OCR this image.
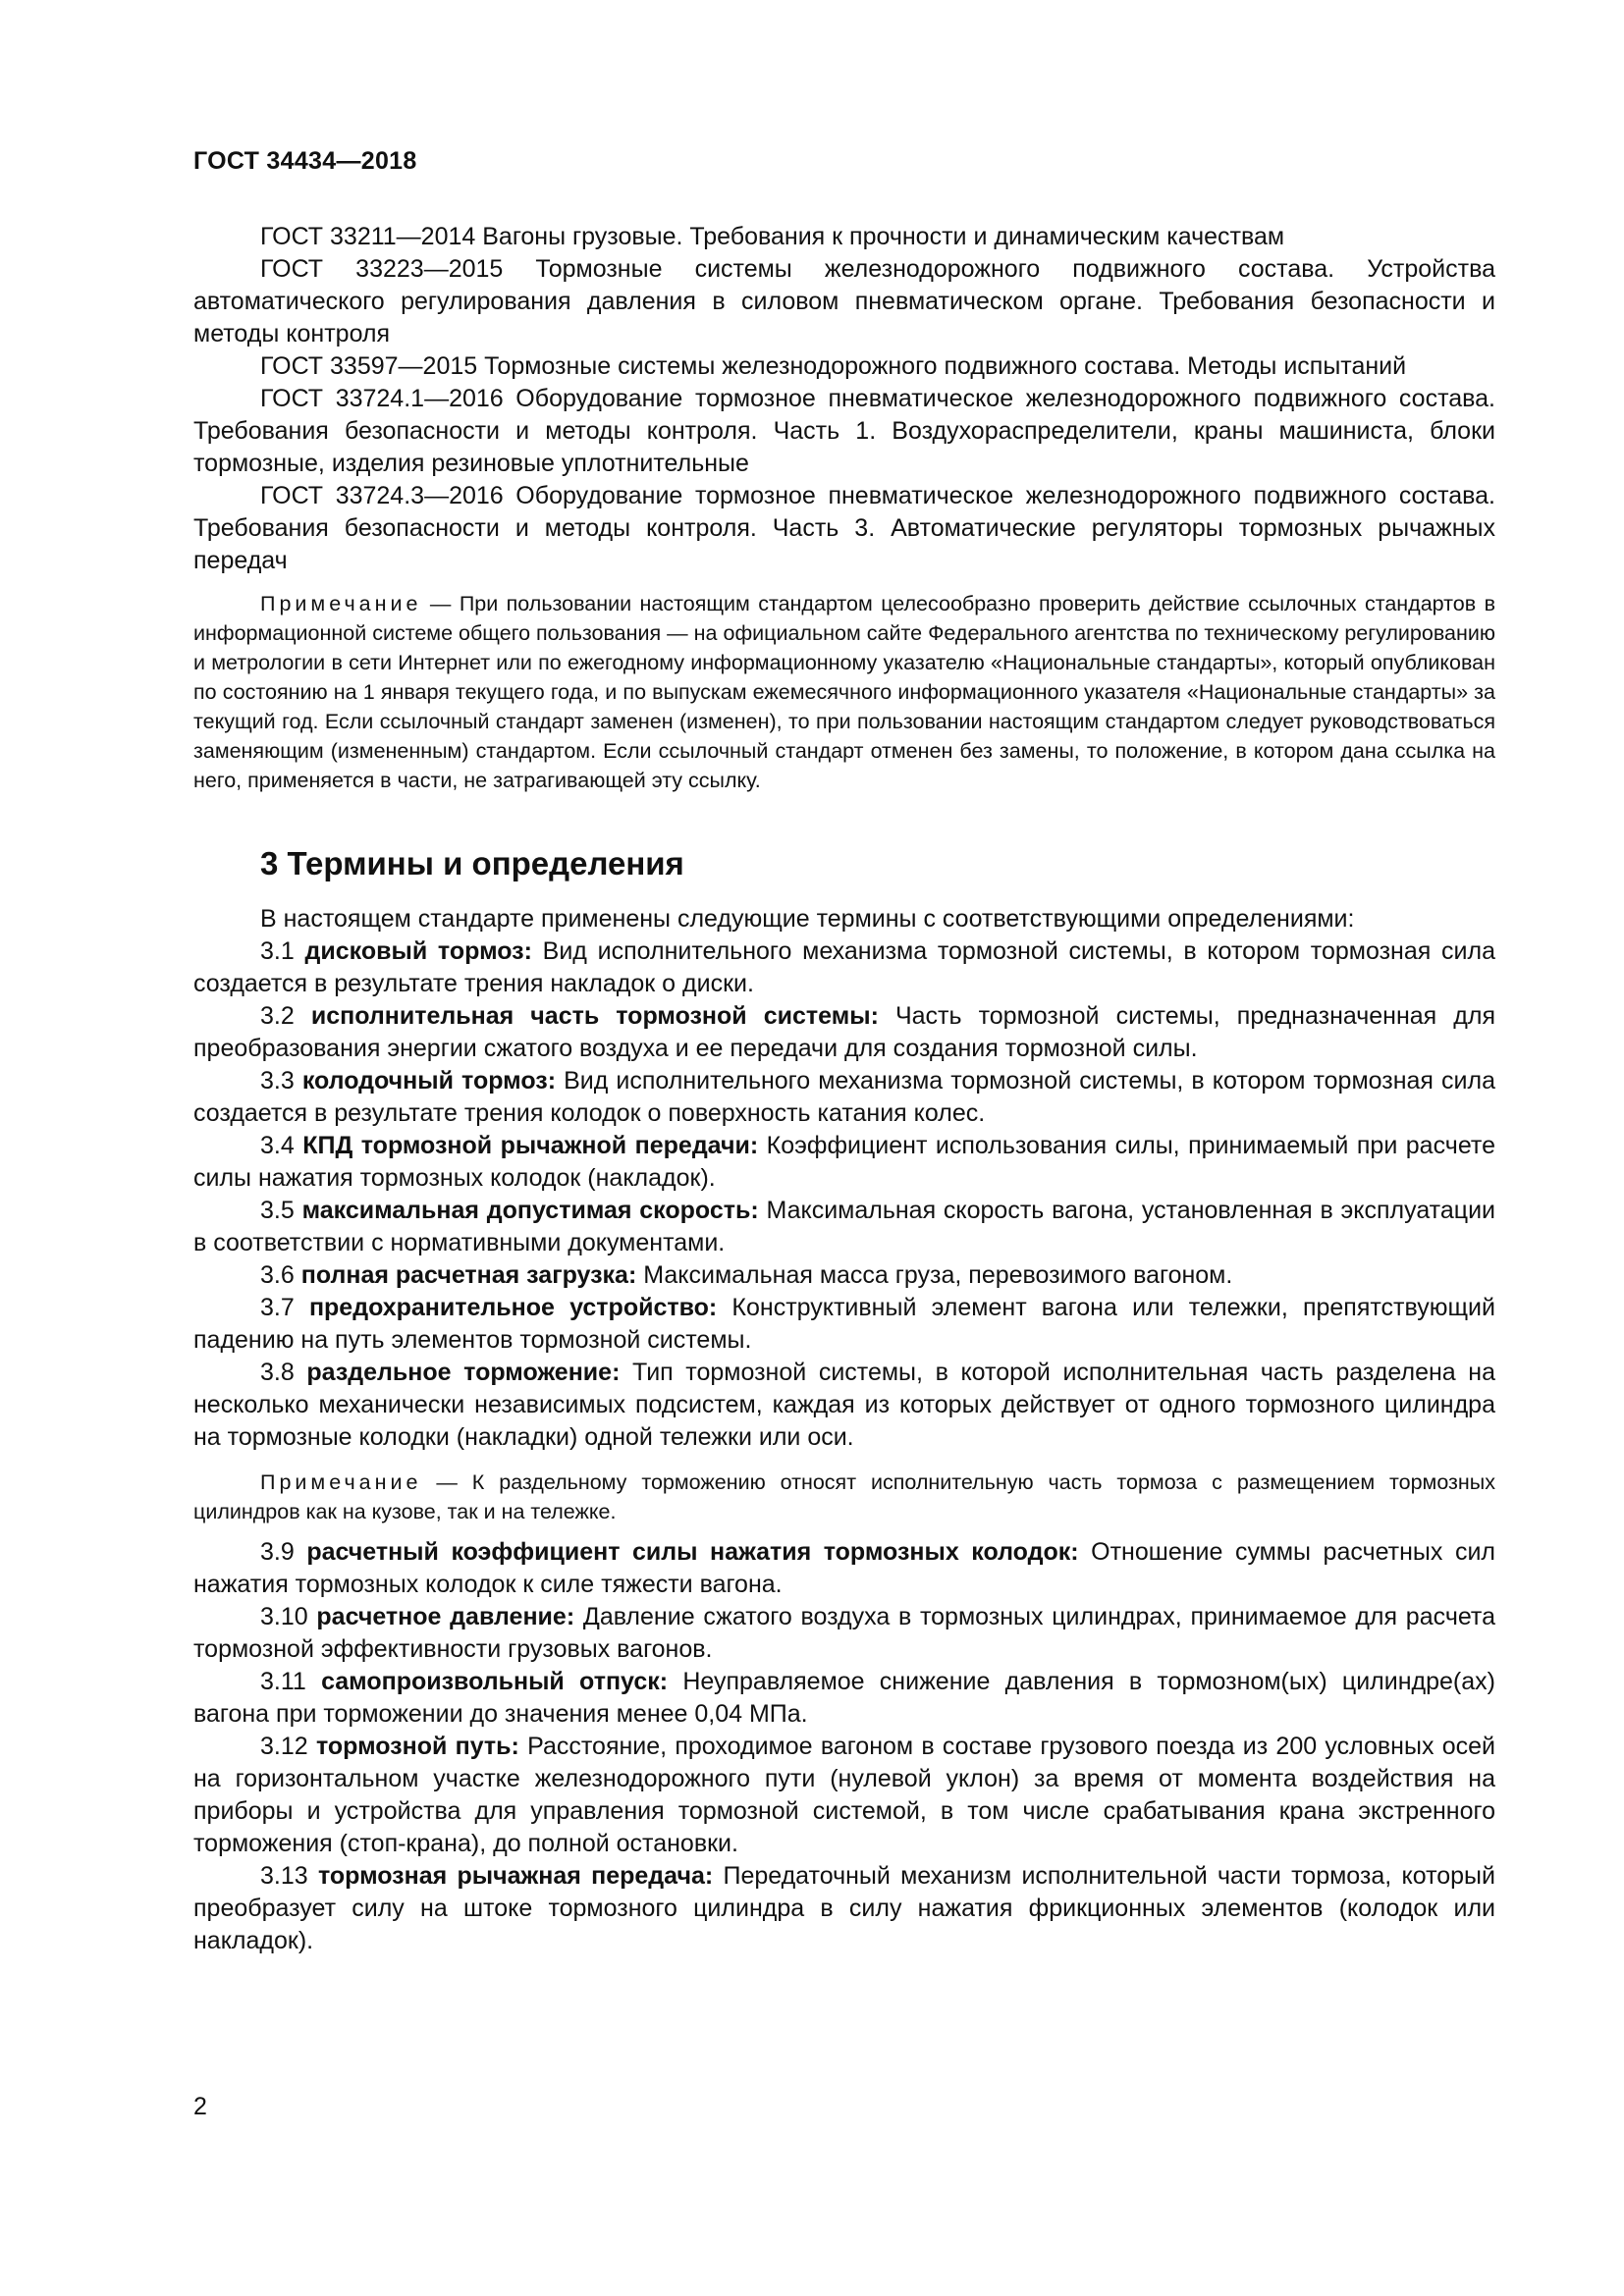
ГОСТ 34434—2018

ГОСТ 33211—2014 Вагоны грузовые. Требования к прочности и динамическим качествам

ГОСТ 33223—2015 Тормозные системы железнодорожного подвижного состава. Устройства автоматического регулирования давления в силовом пневматическом органе. Требования безопасности и методы контроля

ГОСТ 33597—2015 Тормозные системы железнодорожного подвижного состава. Методы испытаний

ГОСТ 33724.1—2016 Оборудование тормозное пневматическое железнодорожного подвижного состава. Требования безопасности и методы контроля. Часть 1. Воздухораспределители, краны машиниста, блоки тормозные, изделия резиновые уплотнительные

ГОСТ 33724.3—2016 Оборудование тормозное пневматическое железнодорожного подвижного состава. Требования безопасности и методы контроля. Часть 3. Автоматические регуляторы тормозных рычажных передач

Примечание — При пользовании настоящим стандартом целесообразно проверить действие ссылочных стандартов в информационной системе общего пользования — на официальном сайте Федерального агентства по техническому регулированию и метрологии в сети Интернет или по ежегодному информационному указателю «Национальные стандарты», который опубликован по состоянию на 1 января текущего года, и по выпускам ежемесячного информационного указателя «Национальные стандарты» за текущий год. Если ссылочный стандарт заменен (изменен), то при пользовании настоящим стандартом следует руководствоваться заменяющим (измененным) стандартом. Если ссылочный стандарт отменен без замены, то положение, в котором дана ссылка на него, применяется в части, не затрагивающей эту ссылку.

3 Термины и определения

В настоящем стандарте применены следующие термины с соответствующими определениями:

3.1 дисковый тормоз: Вид исполнительного механизма тормозной системы, в котором тормозная сила создается в результате трения накладок о диски.

3.2 исполнительная часть тормозной системы: Часть тормозной системы, предназначенная для преобразования энергии сжатого воздуха и ее передачи для создания тормозной силы.

3.3 колодочный тормоз: Вид исполнительного механизма тормозной системы, в котором тормозная сила создается в результате трения колодок о поверхность катания колес.

3.4 КПД тормозной рычажной передачи: Коэффициент использования силы, принимаемый при расчете силы нажатия тормозных колодок (накладок).

3.5 максимальная допустимая скорость: Максимальная скорость вагона, установленная в эксплуатации в соответствии с нормативными документами.

3.6 полная расчетная загрузка: Максимальная масса груза, перевозимого вагоном.

3.7 предохранительное устройство: Конструктивный элемент вагона или тележки, препятствующий падению на путь элементов тормозной системы.

3.8 раздельное торможение: Тип тормозной системы, в которой исполнительная часть разделена на несколько механически независимых подсистем, каждая из которых действует от одного тормозного цилиндра на тормозные колодки (накладки) одной тележки или оси.

Примечание — К раздельному торможению относят исполнительную часть тормоза с размещением тормозных цилиндров как на кузове, так и на тележке.

3.9 расчетный коэффициент силы нажатия тормозных колодок: Отношение суммы расчетных сил нажатия тормозных колодок к силе тяжести вагона.

3.10 расчетное давление: Давление сжатого воздуха в тормозных цилиндрах, принимаемое для расчета тормозной эффективности грузовых вагонов.

3.11 самопроизвольный отпуск: Неуправляемое снижение давления в тормозном(ых) цилиндре(ах) вагона при торможении до значения менее 0,04 МПа.

3.12 тормозной путь: Расстояние, проходимое вагоном в составе грузового поезда из 200 условных осей на горизонтальном участке железнодорожного пути (нулевой уклон) за время от момента воздействия на приборы и устройства для управления тормозной системой, в том числе срабатывания крана экстренного торможения (стоп-крана), до полной остановки.

3.13 тормозная рычажная передача: Передаточный механизм исполнительной части тормоза, который преобразует силу на штоке тормозного цилиндра в силу нажатия фрикционных элементов (колодок или накладок).

2
